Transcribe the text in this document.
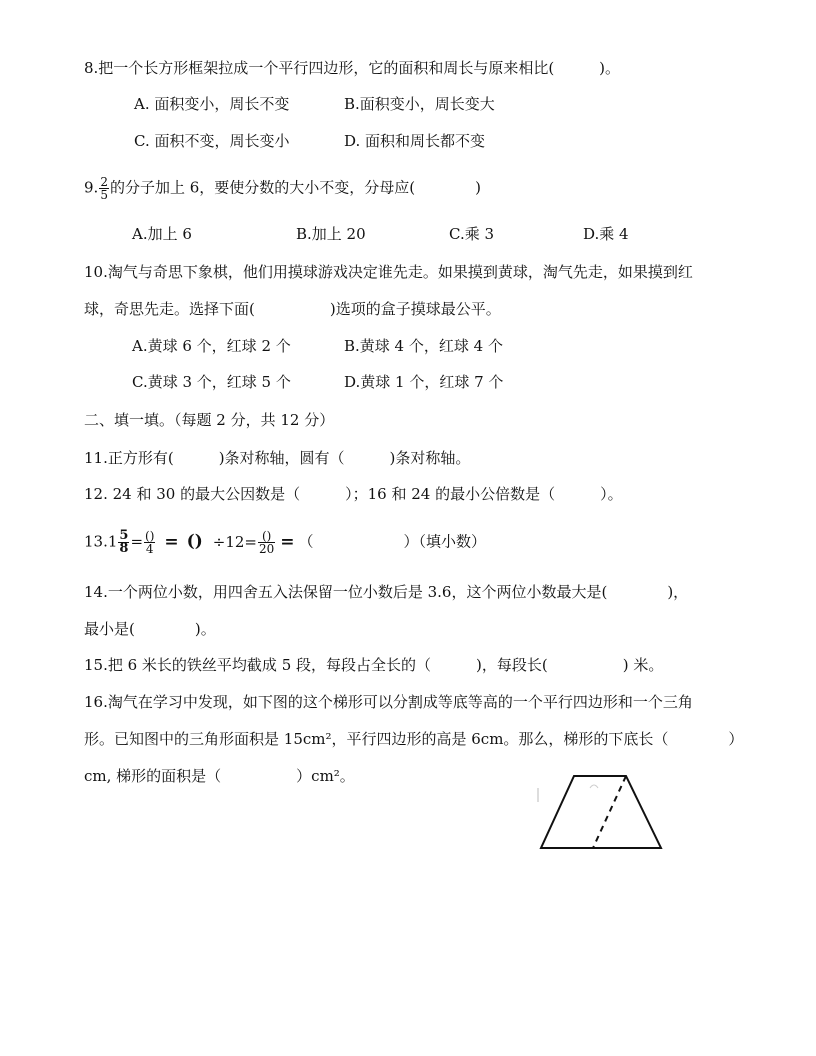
8.把一个长方形框架拉成一个平行四边形，它的面积和周长与原来相比(　　　)。
A. 面积变小，周长不变	B.面积变小，周长变大
C. 面积不变，周长变小	D. 面积和周长都不变
9. $\frac{2}{5}$ 的分子加上 6，要使分数的大小不变，分母应(　　　　)
A.加上 6	B.加上 20	C.乘 3	D.乘 4
10.淘气与奇思下象棋，他们用摸球游戏决定谁先走。如果摸到黄球，淘气先走，如果摸到红
球，奇思先走。选择下面(　　　　　)选项的盒子摸球最公平。
A.黄球 6 个，红球 2 个	B.黄球 4 个，红球 4 个
C.黄球 3 个，红球 5 个	D.黄球 1 个，红球 7 个
二、填一填。（每题 2 分，共 12 分）
11.正方形有(　　　)条对称轴，圆有（　　　)条对称轴。
12. 24 和 30 的最大公因数是（　　　）；16 和 24 的最小公倍数是（　　　）。
$13.1 \frac{5}{8} = \frac{()}{4}$ = () $\div 12= \frac{()}{20}$ = （　　　　　　）（填小数）
14.一个两位小数，用四舍五入法保留一位小数后是 3.6，这个两位小数最大是(　　　　)，
最小是(　　　　)。
15.把 6 米长的铁丝平均截成 5 段，每段占全长的（　　　)，每段长(　　　　　) 米。
16.淘气在学习中发现，如下图的这个梯形可以分割成等底等高的一个平行四边形和一个三角
形。已知图中的三角形面积是 15cm²，平行四边形的高是 6cm。那么，梯形的下底长（　　　　）
cm, 梯形的面积是（　　　　　）cm²。
